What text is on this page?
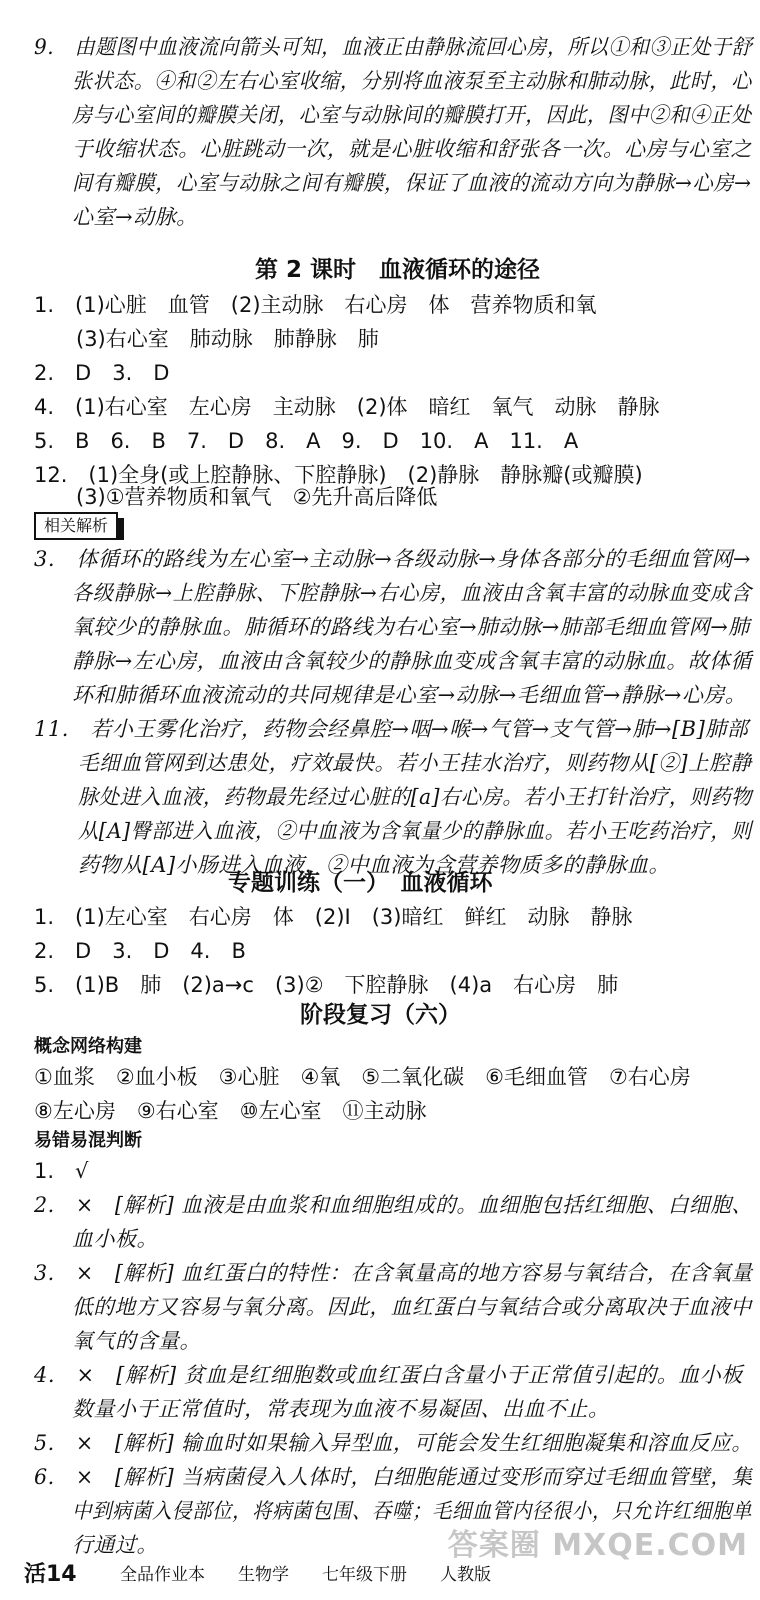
9.　由题图中血液流向箭头可知，血液正由静脉流回心房，所以①和③正处于舒
张状态。④和②左右心室收缩，分别将血液泵至主动脉和肺动脉，此时，心
房与心室间的瓣膜关闭，心室与动脉间的瓣膜打开，因此，图中②和④正处
于收缩状态。心脏跳动一次，就是心脏收缩和舒张各一次。心房与心室之
间有瓣膜，心室与动脉之间有瓣膜，保证了血液的流动方向为静脉→心房→
心室→动脉。
第 2 课时　血液循环的途径
1.　(1)心脏　血管　(2)主动脉　右心房　体　营养物质和氧
　　(3)右心室　肺动脉　肺静脉　肺
2.　D　3.　D
4.　(1)右心室　左心房　主动脉　(2)体　暗红　氧气　动脉　静脉
5.　B　6.　B　7.　D　8.　A　9.　D　10.　A　11.　A
12.　(1)全身(或上腔静脉、下腔静脉)　(2)静脉　静脉瓣(或瓣膜)
　　(3)①营养物质和氧气　②先升高后降低
相关解析
3.　体循环的路线为左心室→主动脉→各级动脉→身体各部分的毛细血管网→
各级静脉→上腔静脉、下腔静脉→右心房，血液由含氧丰富的动脉血变成含
氧较少的静脉血。肺循环的路线为右心室→肺动脉→肺部毛细血管网→肺
静脉→左心房，血液由含氧较少的静脉血变成含氧丰富的动脉血。故体循
环和肺循环血液流动的共同规律是心室→动脉→毛细血管→静脉→心房。
11.　若小王雾化治疗，药物会经鼻腔→咽→喉→气管→支气管→肺→[B]肺部
毛细血管网到达患处，疗效最快。若小王挂水治疗，则药物从[②]上腔静
脉处进入血液，药物最先经过心脏的[a]右心房。若小王打针治疗，则药物
从[A]臀部进入血液，②中血液为含氧量少的静脉血。若小王吃药治疗，则
药物从[A]小肠进入血液，②中血液为含营养物质多的静脉血。
专题训练（一）　血液循环
1.　(1)左心室　右心房　体　(2)Ⅰ　(3)暗红　鲜红　动脉　静脉
2.　D　3.　D　4.　B
5.　(1)B　肺　(2)a→c　(3)②　下腔静脉　(4)a　右心房　肺
阶段复习（六）
概念网络构建
①血浆　②血小板　③心脏　④氧　⑤二氧化碳　⑥毛细血管　⑦右心房
⑧左心房　⑨右心室　⑩左心室　⑪主动脉
易错易混判断
1.　√
2.　×　[解析] 血液是由血浆和血细胞组成的。血细胞包括红细胞、白细胞、
血小板。
3.　×　[解析] 血红蛋白的特性：在含氧量高的地方容易与氧结合，在含氧量
低的地方又容易与氧分离。因此，血红蛋白与氧结合或分离取决于血液中
氧气的含量。
4.　×　[解析] 贫血是红细胞数或血红蛋白含量小于正常值引起的。血小板
数量小于正常值时，常表现为血液不易凝固、出血不止。
5.　×　[解析] 输血时如果输入异型血，可能会发生红细胞凝集和溶血反应。
6.　×　[解析] 当病菌侵入人体时，白细胞能通过变形而穿过毛细血管壁，集
中到病菌入侵部位，将病菌包围、吞噬；毛细血管内径很小，只允许红细胞单
行通过。	答案圈 MXQE.COM
活14	全品作业本 生物学 七年级下册 人教版
